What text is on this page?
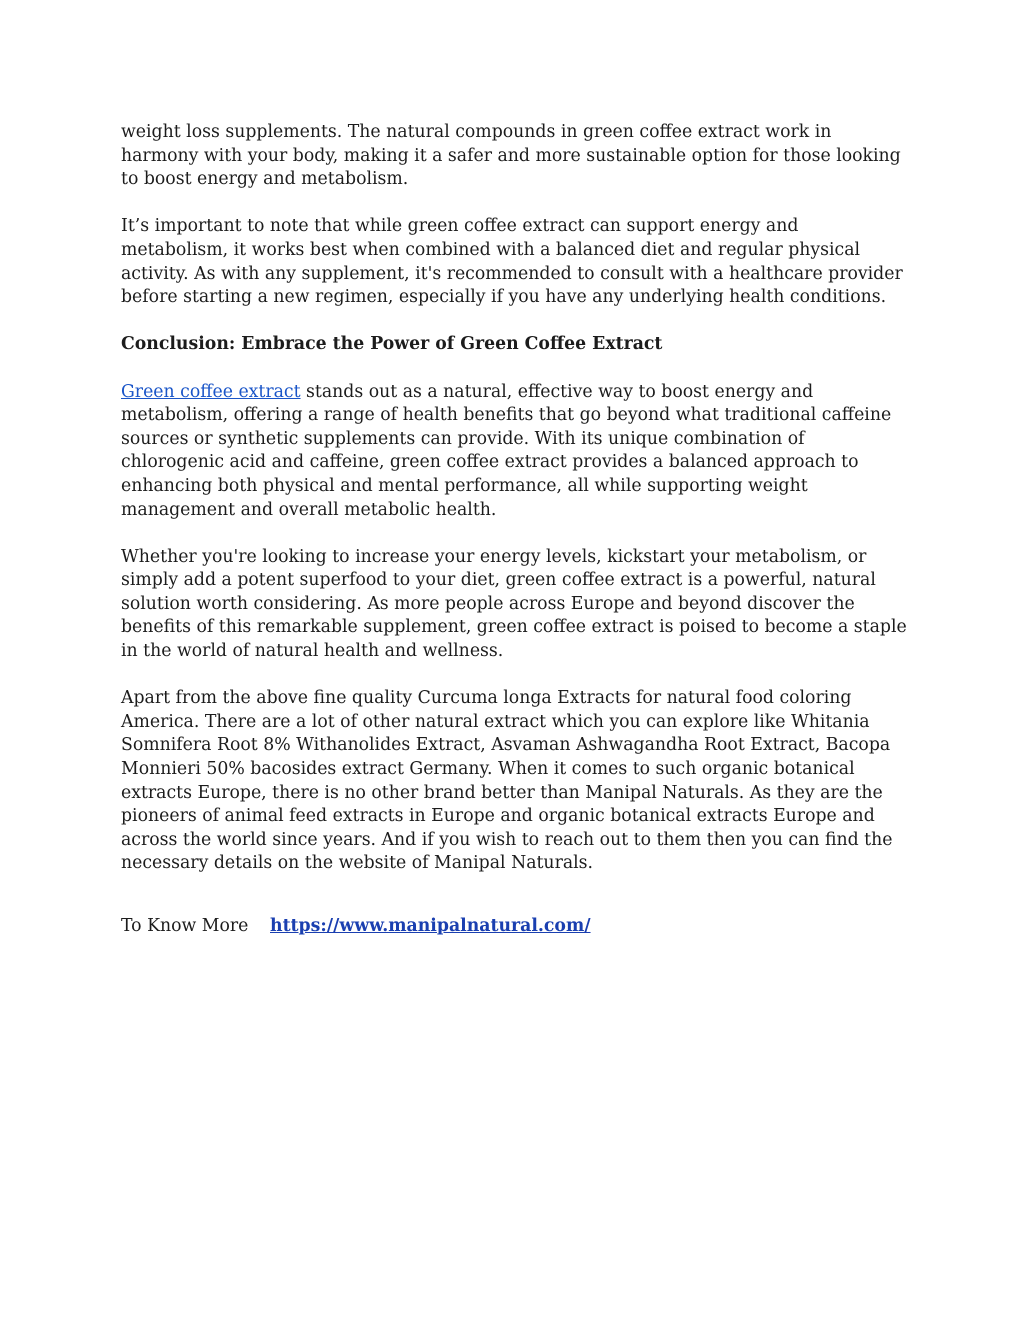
weight loss supplements. The natural compounds in green coffee extract work in harmony with your body, making it a safer and more sustainable option for those looking to boost energy and metabolism.

It’s important to note that while green coffee extract can support energy and metabolism, it works best when combined with a balanced diet and regular physical activity. As with any supplement, it's recommended to consult with a healthcare provider before starting a new regimen, especially if you have any underlying health conditions.

Conclusion: Embrace the Power of Green Coffee Extract

Green coffee extract stands out as a natural, effective way to boost energy and metabolism, offering a range of health benefits that go beyond what traditional caffeine sources or synthetic supplements can provide. With its unique combination of chlorogenic acid and caffeine, green coffee extract provides a balanced approach to enhancing both physical and mental performance, all while supporting weight management and overall metabolic health.

Whether you're looking to increase your energy levels, kickstart your metabolism, or simply add a potent superfood to your diet, green coffee extract is a powerful, natural solution worth considering. As more people across Europe and beyond discover the benefits of this remarkable supplement, green coffee extract is poised to become a staple in the world of natural health and wellness.

Apart from the above fine quality Curcuma longa Extracts for natural food coloring America. There are a lot of other natural extract which you can explore like Whitania Somnifera Root 8% Withanolides Extract, Asvaman Ashwagandha Root Extract, Bacopa Monnieri 50% bacosides extract Germany. When it comes to such organic botanical extracts Europe, there is no other brand better than Manipal Naturals. As they are the pioneers of animal feed extracts in Europe and organic botanical extracts Europe and across the world since years. And if you wish to reach out to them then you can find the necessary details on the website of Manipal Naturals.

To Know More https://www.manipalnatural.com/
